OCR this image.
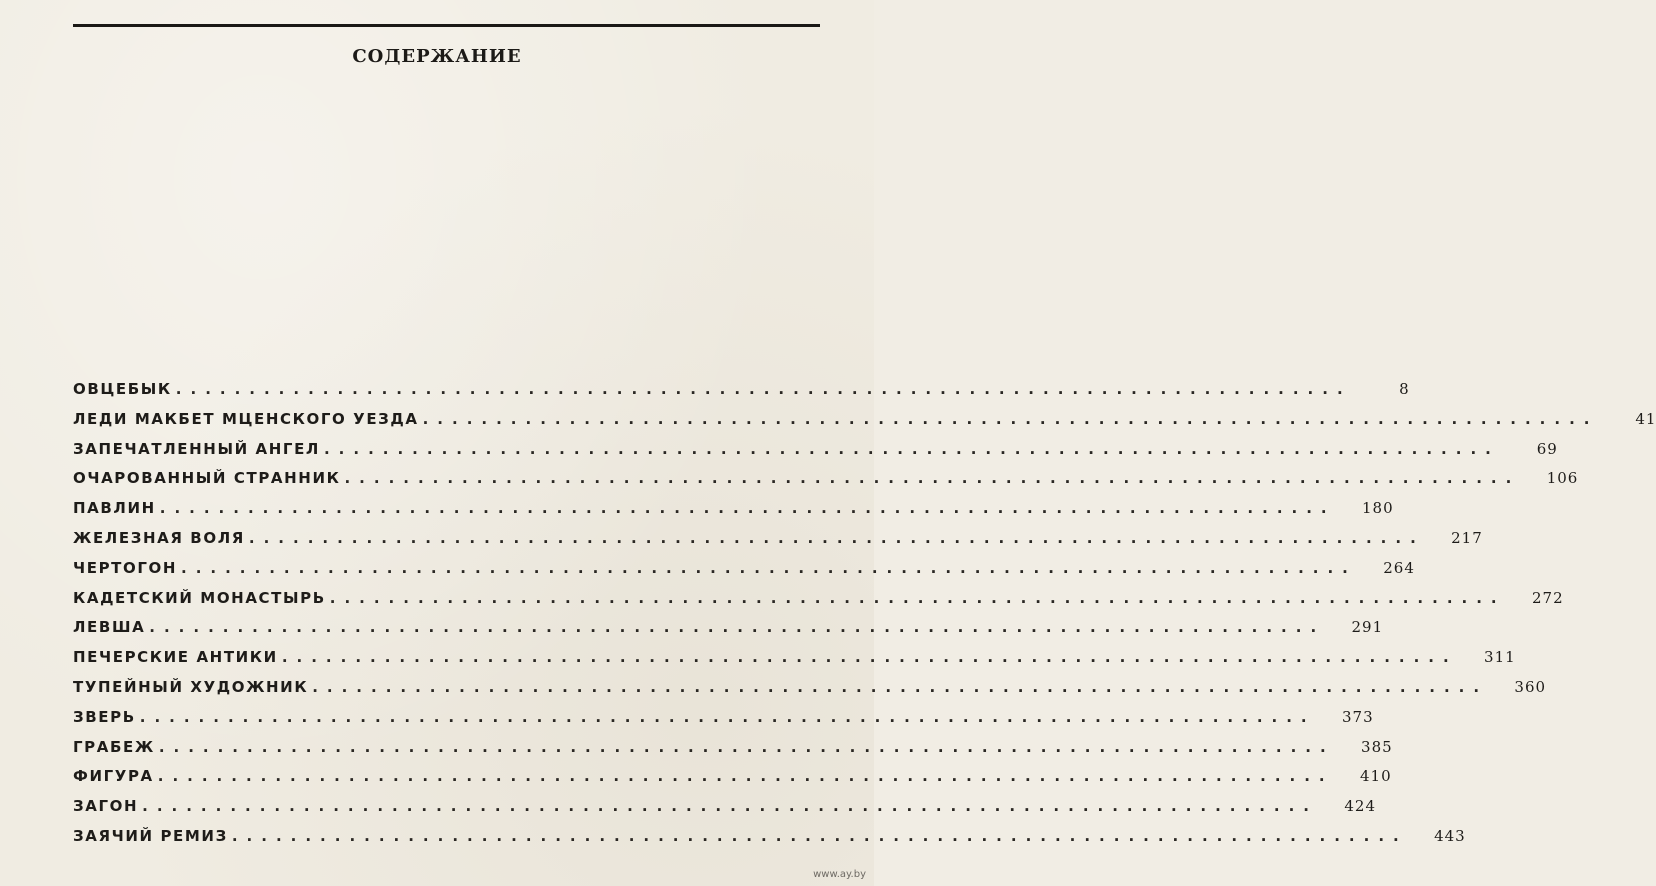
СОДЕРЖАНИЕ
ОВЦЕБЫК ................................................................................	8
ЛЕДИ МАКБЕТ МЦЕНСКОГО УЕЗДА ................................................................................	41
ЗАПЕЧАТЛЕННЫЙ АНГЕЛ ................................................................................	69
ОЧАРОВАННЫЙ СТРАННИК ................................................................................	106
ПАВЛИН ................................................................................	180
ЖЕЛЕЗНАЯ ВОЛЯ ................................................................................	217
ЧЕРТОГОН ................................................................................	264
КАДЕТСКИЙ МОНАСТЫРЬ ................................................................................	272
ЛЕВША ................................................................................	291
ПЕЧЕРСКИЕ АНТИКИ ................................................................................	311
ТУПЕЙНЫЙ ХУДОЖНИК ................................................................................	360
ЗВЕРЬ ................................................................................	373
ГРАБЕЖ ................................................................................	385
ФИГУРА ................................................................................	410
ЗАГОН ................................................................................	424
ЗАЯЧИЙ РЕМИЗ ................................................................................	443
www.ay.by
